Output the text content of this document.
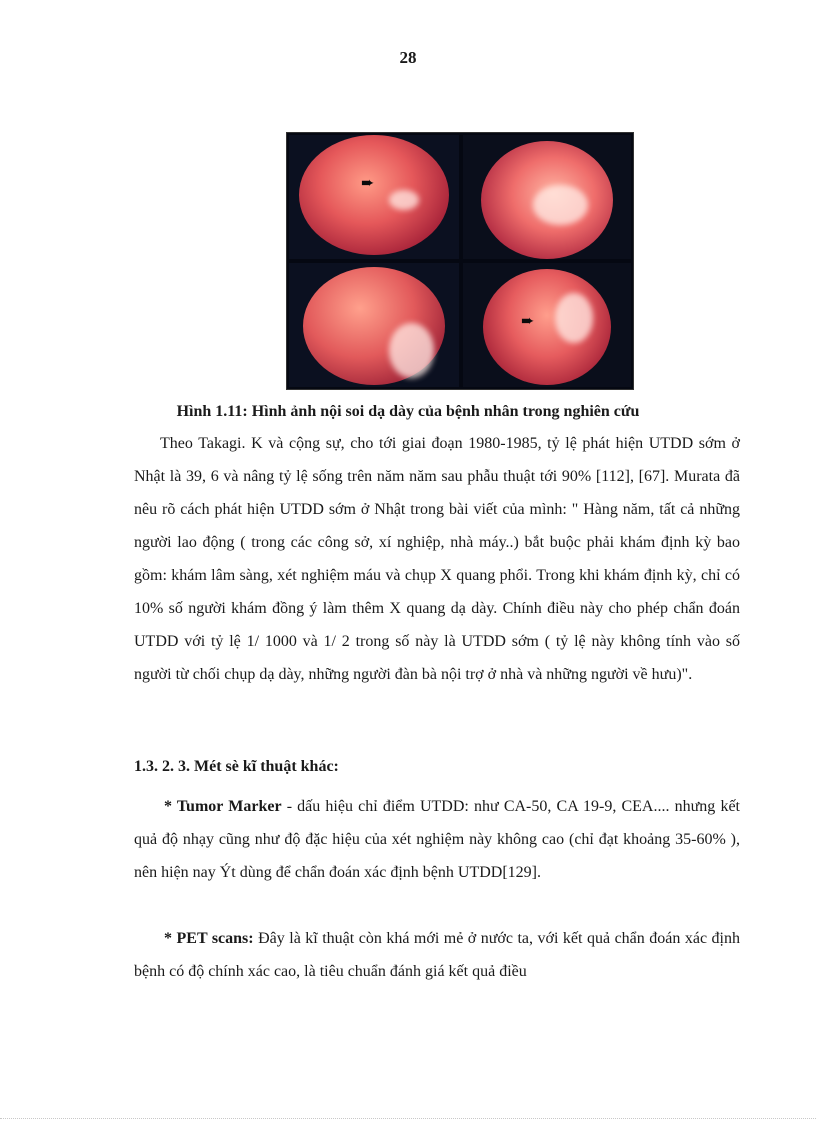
28
➨
➨
Hình 1.11: Hình ảnh nội soi dạ dày của bệnh nhân trong nghiên cứu
Theo Takagi. K và cộng sự, cho tới giai đoạn 1980-1985, tỷ lệ phát hiện UTDD sớm ở Nhật là 39, 6 và nâng tỷ lệ sống trên năm năm sau phẫu thuật tới 90% [112], [67]. Murata đã nêu rõ cách phát hiện UTDD sớm ở Nhật trong bài viết của mình: " Hàng năm, tất cả những người lao động ( trong các công sở, xí nghiệp, nhà máy..) bắt buộc phải khám định kỳ bao gồm: khám lâm sàng, xét nghiệm máu và chụp X quang phổi. Trong khi khám định kỳ, chỉ có 10% số người khám đồng ý làm thêm X quang dạ dày. Chính điều này cho phép chẩn đoán UTDD với tỷ lệ 1/ 1000 và 1/ 2 trong số này là UTDD sớm ( tỷ lệ này không tính vào số người từ chối chụp dạ dày, những người đàn bà nội trợ ở nhà và những người về hưu)".
1.3. 2. 3. Mét sè kĩ thuật khác:
* Tumor Marker - dấu hiệu chỉ điểm UTDD: như CA-50, CA 19-9, CEA.... nhưng kết quả độ nhạy cũng như độ đặc hiệu của xét nghiệm này không cao (chỉ đạt khoảng 35-60% ), nên hiện nay Ýt dùng để chẩn đoán xác định bệnh UTDD[129].
* PET scans: Đây là kĩ thuật còn khá mới mẻ ở nước ta, với kết quả chẩn đoán xác định bệnh có độ chính xác cao, là tiêu chuẩn đánh giá kết quả điều
